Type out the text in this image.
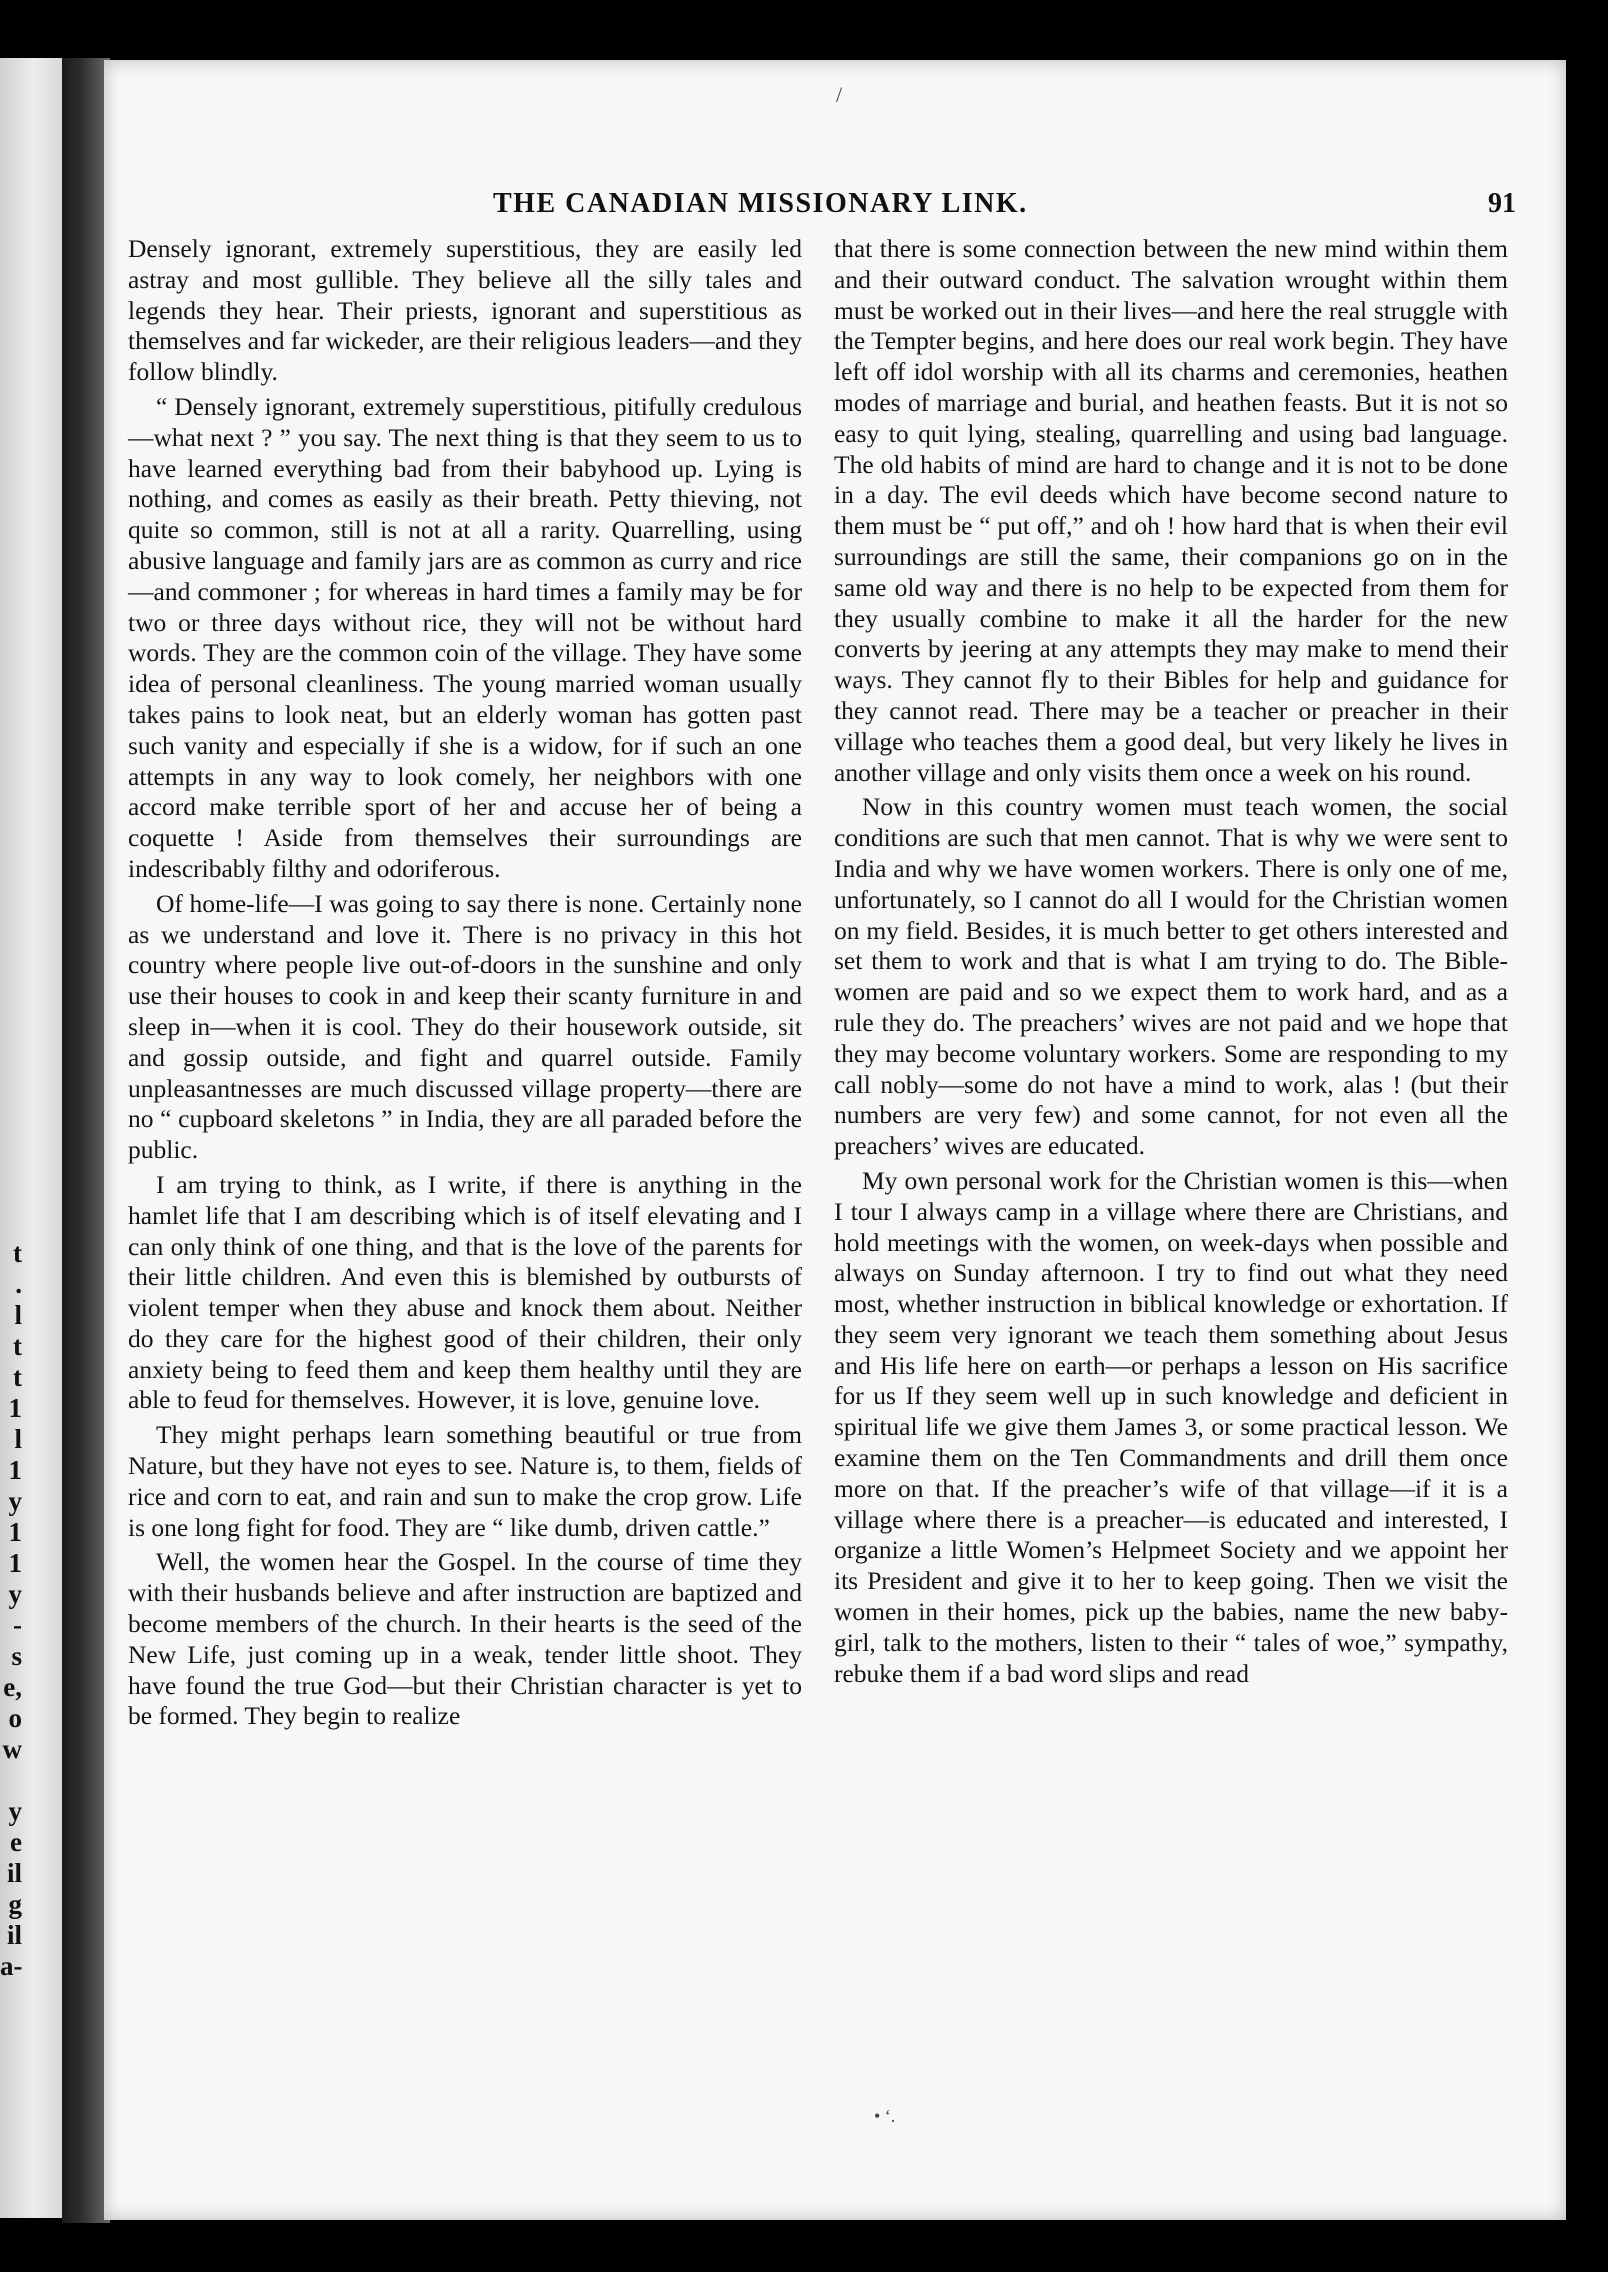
t
.
l
t
t
1
l
1
y
1
1
y
-
s
e,
o
w

y
e
il
g
il
a-
/
THE CANADIAN MISSIONARY LINK.	91

Densely ignorant, extremely superstitious, they are easily led astray and most gullible. They believe all the silly tales and legends they hear. Their priests, ignorant and superstitious as themselves and far wickeder, are their religious leaders—and they follow blindly.

“ Densely ignorant, extremely superstitious, pitifully credulous—what next ? ” you say. The next thing is that they seem to us to have learned everything bad from their babyhood up. Lying is nothing, and comes as easily as their breath. Petty thieving, not quite so common, still is not at all a rarity. Quarrelling, using abusive language and family jars are as common as curry and rice—and commoner ; for whereas in hard times a family may be for two or three days without rice, they will not be without hard words. They are the common coin of the village. They have some idea of personal cleanliness. The young married woman usually takes pains to look neat, but an elderly woman has gotten past such vanity and especially if she is a widow, for if such an one attempts in any way to look comely, her neighbors with one accord make terrible sport of her and accuse her of being a coquette ! Aside from themselves their surroundings are indescribably filthy and odoriferous.

Of home-life—I was going to say there is none. Certainly none as we understand and love it. There is no privacy in this hot country where people live out-of-doors in the sunshine and only use their houses to cook in and keep their scanty furniture in and sleep in—when it is cool. They do their housework outside, sit and gossip outside, and fight and quarrel outside. Family unpleasantnesses are much discussed village property—there are no “ cupboard skeletons ” in India, they are all paraded before the public.

I am trying to think, as I write, if there is anything in the hamlet life that I am describing which is of itself elevating and I can only think of one thing, and that is the love of the parents for their little children. And even this is blemished by outbursts of violent temper when they abuse and knock them about. Neither do they care for the highest good of their children, their only anxiety being to feed them and keep them healthy until they are able to feud for themselves. However, it is love, genuine love.

They might perhaps learn something beautiful or true from Nature, but they have not eyes to see. Nature is, to them, fields of rice and corn to eat, and rain and sun to make the crop grow. Life is one long fight for food. They are “ like dumb, driven cattle.”

Well, the women hear the Gospel. In the course of time they with their husbands believe and after instruction are baptized and become members of the church. In their hearts is the seed of the New Life, just coming up in a weak, tender little shoot. They have found the true God—but their Christian character is yet to be formed. They begin to realize

that there is some connection between the new mind within them and their outward conduct. The salvation wrought within them must be worked out in their lives—and here the real struggle with the Tempter begins, and here does our real work begin. They have left off idol worship with all its charms and ceremonies, heathen modes of marriage and burial, and heathen feasts. But it is not so easy to quit lying, stealing, quarrelling and using bad language. The old habits of mind are hard to change and it is not to be done in a day. The evil deeds which have become second nature to them must be “ put off,” and oh ! how hard that is when their evil surroundings are still the same, their companions go on in the same old way and there is no help to be expected from them for they usually combine to make it all the harder for the new converts by jeering at any attempts they may make to mend their ways. They cannot fly to their Bibles for help and guidance for they cannot read. There may be a teacher or preacher in their village who teaches them a good deal, but very likely he lives in another village and only visits them once a week on his round.

Now in this country women must teach women, the social conditions are such that men cannot. That is why we were sent to India and why we have women workers. There is only one of me, unfortunately, so I cannot do all I would for the Christian women on my field. Besides, it is much better to get others interested and set them to work and that is what I am trying to do. The Bible-women are paid and so we expect them to work hard, and as a rule they do. The preachers’ wives are not paid and we hope that they may become voluntary workers. Some are responding to my call nobly—some do not have a mind to work, alas ! (but their numbers are very few) and some cannot, for not even all the preachers’ wives are educated.

My own personal work for the Christian women is this—when I tour I always camp in a village where there are Christians, and hold meetings with the women, on week-days when possible and always on Sunday afternoon. I try to find out what they need most, whether instruction in biblical knowledge or exhortation. If they seem very ignorant we teach them something about Jesus and His life here on earth—or perhaps a lesson on His sacrifice for us If they seem well up in such knowledge and deficient in spiritual life we give them James 3, or some practical lesson. We examine them on the Ten Commandments and drill them once more on that. If the preacher’s wife of that village—if it is a village where there is a preacher—is educated and interested, I organize a little Women’s Helpmeet Society and we appoint her its President and give it to her to keep going. Then we visit the women in their homes, pick up the babies, name the new baby-girl, talk to the mothers, listen to their “ tales of woe,” sympathy, rebuke them if a bad word slips and read

• ‘.
